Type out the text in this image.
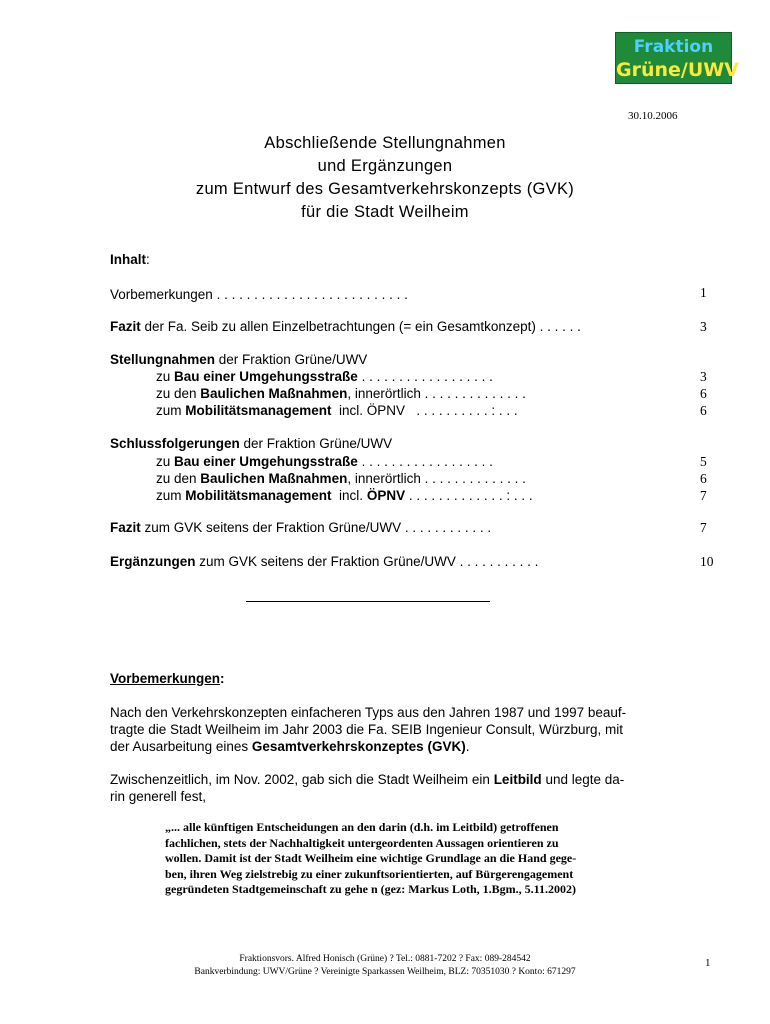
Fraktion
Grüne/UWV
30.10.2006
Abschließende Stellungnahmen
und Ergänzungen
zum Entwurf des Gesamtverkehrskonzepts (GVK)
für die Stadt Weilheim
Inhalt:
Vorbemerkungen . . . . . . . . . . . . . . . . . . . . . . . . . .	1
Fazit der Fa. Seib zu allen Einzelbetrachtungen (= ein Gesamtkonzept) . . . . . .	3
Stellungnahmen der Fraktion Grüne/UWV
zu Bau einer Umgehungsstraße . . . . . . . . . . . . . . . . . .	3
zu den Baulichen Maßnahmen, innerörtlich . . . . . . . . . . . . . .	6
zum Mobilitätsmanagement  incl. ÖPNV   . . . . . . . . . . : . . .	6
Schlussfolgerungen der Fraktion Grüne/UWV
zu Bau einer Umgehungsstraße . . . . . . . . . . . . . . . . . .	5
zu den Baulichen Maßnahmen, innerörtlich . . . . . . . . . . . . . .	6
zum Mobilitätsmanagement  incl. ÖPNV . . . . . . . . . . . . . : . . .	7
Fazit zum GVK seitens der Fraktion Grüne/UWV . . . . . . . . . . . .	7
Ergänzungen zum GVK seitens der Fraktion Grüne/UWV . . . . . . . . . . .	10
Vorbemerkungen:
Nach den Verkehrskonzepten einfacheren Typs aus den Jahren 1987 und 1997 beauf-
tragte die Stadt Weilheim im Jahr 2003 die Fa. SEIB Ingenieur Consult, Würzburg, mit
der Ausarbeitung eines Gesamtverkehrskonzeptes (GVK).
Zwischenzeitlich, im Nov. 2002, gab sich die Stadt Weilheim ein Leitbild und legte da-
rin generell fest,
„... alle künftigen Entscheidungen an den darin (d.h. im Leitbild) getroffenen
fachlichen, stets der Nachhaltigkeit untergeordenten Aussagen orientieren zu
wollen. Damit ist der Stadt Weilheim eine wichtige Grundlage an die Hand gege-
ben, ihren Weg zielstrebig zu einer zukunftsorientierten, auf Bürgerengagement
gegründeten Stadtgemeinschaft zu gehe n (gez: Markus Loth, 1.Bgm., 5.11.2002)
Fraktionsvors. Alfred Honisch (Grüne) ? Tel.: 0881-7202 ? Fax: 089-284542
Bankverbindung: UWV/Grüne ? Vereinigte Sparkassen Weilheim, BLZ: 70351030 ? Konto: 671297
1
